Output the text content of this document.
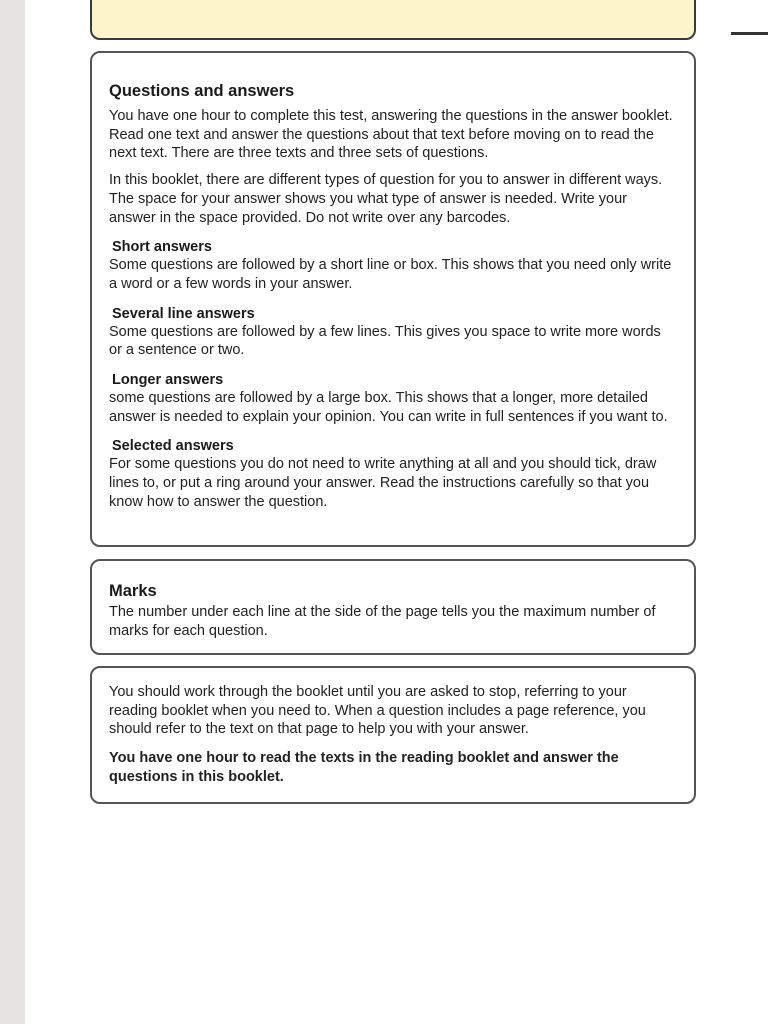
Questions and answers

You have one hour to complete this test, answering the questions in the answer booklet. Read one text and answer the questions about that text before moving on to read the next text. There are three texts and three sets of questions.

In this booklet, there are different types of question for you to answer in different ways. The space for your answer shows you what type of answer is needed. Write your answer in the space provided. Do not write over any barcodes.

Short answers

Some questions are followed by a short line or box. This shows that you need only write a word or a few words in your answer.

Several line answers

Some questions are followed by a few lines. This gives you space to write more words or a sentence or two.

Longer answers

some questions are followed by a large box. This shows that a longer, more detailed answer is needed to explain your opinion. You can write in full sentences if you want to.

Selected answers

For some questions you do not need to write anything at all and you should tick, draw lines to, or put a ring around your answer. Read the instructions carefully so that you know how to answer the question.

Marks

The number under each line at the side of the page tells you the maximum number of marks for each question.

You should work through the booklet until you are asked to stop, referring to your reading booklet when you need to. When a question includes a page reference, you should refer to the text on that page to help you with your answer.

You have one hour to read the texts in the reading booklet and answer the questions in this booklet.
